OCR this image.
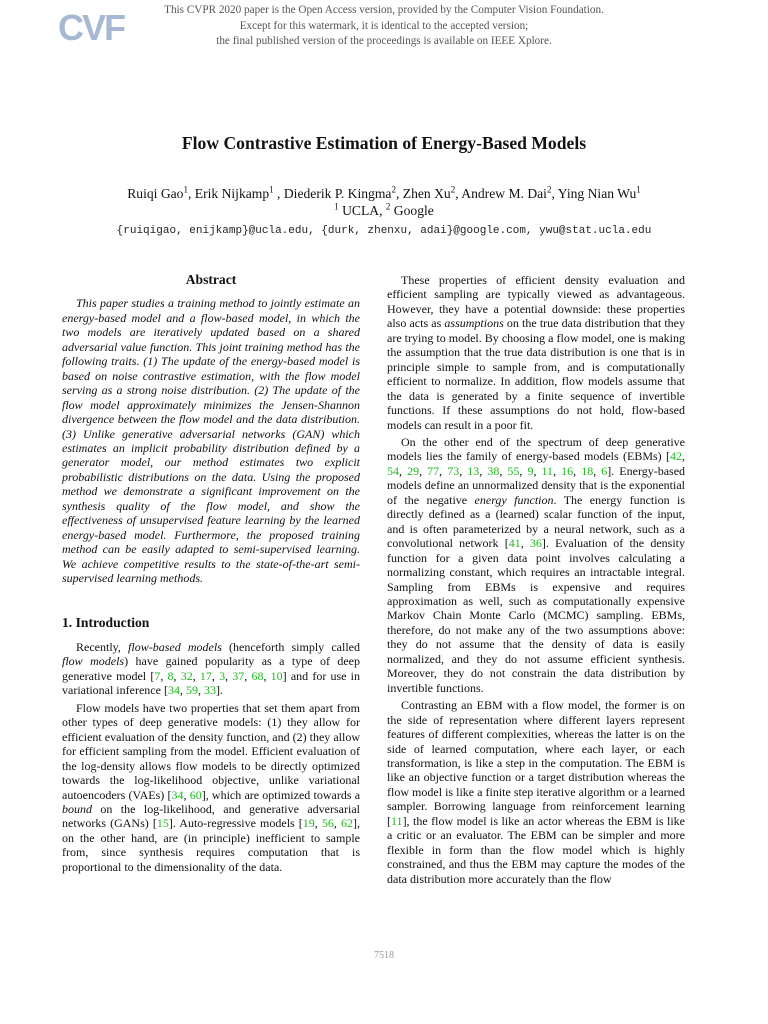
CVF	This CVPR 2020 paper is the Open Access version, provided by the Computer Vision Foundation.
Except for this watermark, it is identical to the accepted version;
the final published version of the proceedings is available on IEEE Xplore.
Flow Contrastive Estimation of Energy-Based Models
Ruiqi Gao$^1$, Erik Nijkamp$^1$ , Diederik P. Kingma$^2$, Zhen Xu$^2$, Andrew M. Dai$^2$, Ying Nian Wu$^1$
$^1$ UCLA, $^2$ Google
{ruiqigao, enijkamp}@ucla.edu, {durk, zhenxu, adai}@google.com, ywu@stat.ucla.edu
Abstract

This paper studies a training method to jointly estimate an energy-based model and a flow-based model, in which the two models are iteratively updated based on a shared adversarial value function. This joint training method has the following traits. (1) The update of the energy-based model is based on noise contrastive estimation, with the flow model serving as a strong noise distribution. (2) The update of the flow model approximately minimizes the Jensen-Shannon divergence between the flow model and the data distribution. (3) Unlike generative adversarial networks (GAN) which estimates an implicit probability distribution defined by a generator model, our method estimates two explicit probabilistic distributions on the data. Using the proposed method we demonstrate a significant improvement on the synthesis quality of the flow model, and show the effectiveness of unsupervised feature learning by the learned energy-based model. Furthermore, the proposed training method can be easily adapted to semi-supervised learning. We achieve competitive results to the state-of-the-art semi-supervised learning methods.

1. Introduction

Recently, flow-based models (henceforth simply called flow models) have gained popularity as a type of deep generative model [7, 8, 32, 17, 3, 37, 68, 10] and for use in variational inference [34, 59, 33].

Flow models have two properties that set them apart from other types of deep generative models: (1) they allow for efficient evaluation of the density function, and (2) they allow for efficient sampling from the model. Efficient evaluation of the log-density allows flow models to be directly optimized towards the log-likelihood objective, unlike variational autoencoders (VAEs) [34, 60], which are optimized towards a bound on the log-likelihood, and generative adversarial networks (GANs) [15]. Auto-regressive models [19, 56, 62], on the other hand, are (in principle) inefficient to sample from, since synthesis requires computation that is proportional to the dimensionality of the data.

These properties of efficient density evaluation and efficient sampling are typically viewed as advantageous. However, they have a potential downside: these properties also acts as assumptions on the true data distribution that they are trying to model. By choosing a flow model, one is making the assumption that the true data distribution is one that is in principle simple to sample from, and is computationally efficient to normalize. In addition, flow models assume that the data is generated by a finite sequence of invertible functions. If these assumptions do not hold, flow-based models can result in a poor fit.

On the other end of the spectrum of deep generative models lies the family of energy-based models (EBMs) [42, 54, 29, 77, 73, 13, 38, 55, 9, 11, 16, 18, 6]. Energy-based models define an unnormalized density that is the exponential of the negative energy function. The energy function is directly defined as a (learned) scalar function of the input, and is often parameterized by a neural network, such as a convolutional network [41, 36]. Evaluation of the density function for a given data point involves calculating a normalizing constant, which requires an intractable integral. Sampling from EBMs is expensive and requires approximation as well, such as computationally expensive Markov Chain Monte Carlo (MCMC) sampling. EBMs, therefore, do not make any of the two assumptions above: they do not assume that the density of data is easily normalized, and they do not assume efficient synthesis. Moreover, they do not constrain the data distribution by invertible functions.

Contrasting an EBM with a flow model, the former is on the side of representation where different layers represent features of different complexities, whereas the latter is on the side of learned computation, where each layer, or each transformation, is like a step in the computation. The EBM is like an objective function or a target distribution whereas the flow model is like a finite step iterative algorithm or a learned sampler. Borrowing language from reinforcement learning [11], the flow model is like an actor whereas the EBM is like a critic or an evaluator. The EBM can be simpler and more flexible in form than the flow model which is highly constrained, and thus the EBM may capture the modes of the data distribution more accurately than the flow

7518
